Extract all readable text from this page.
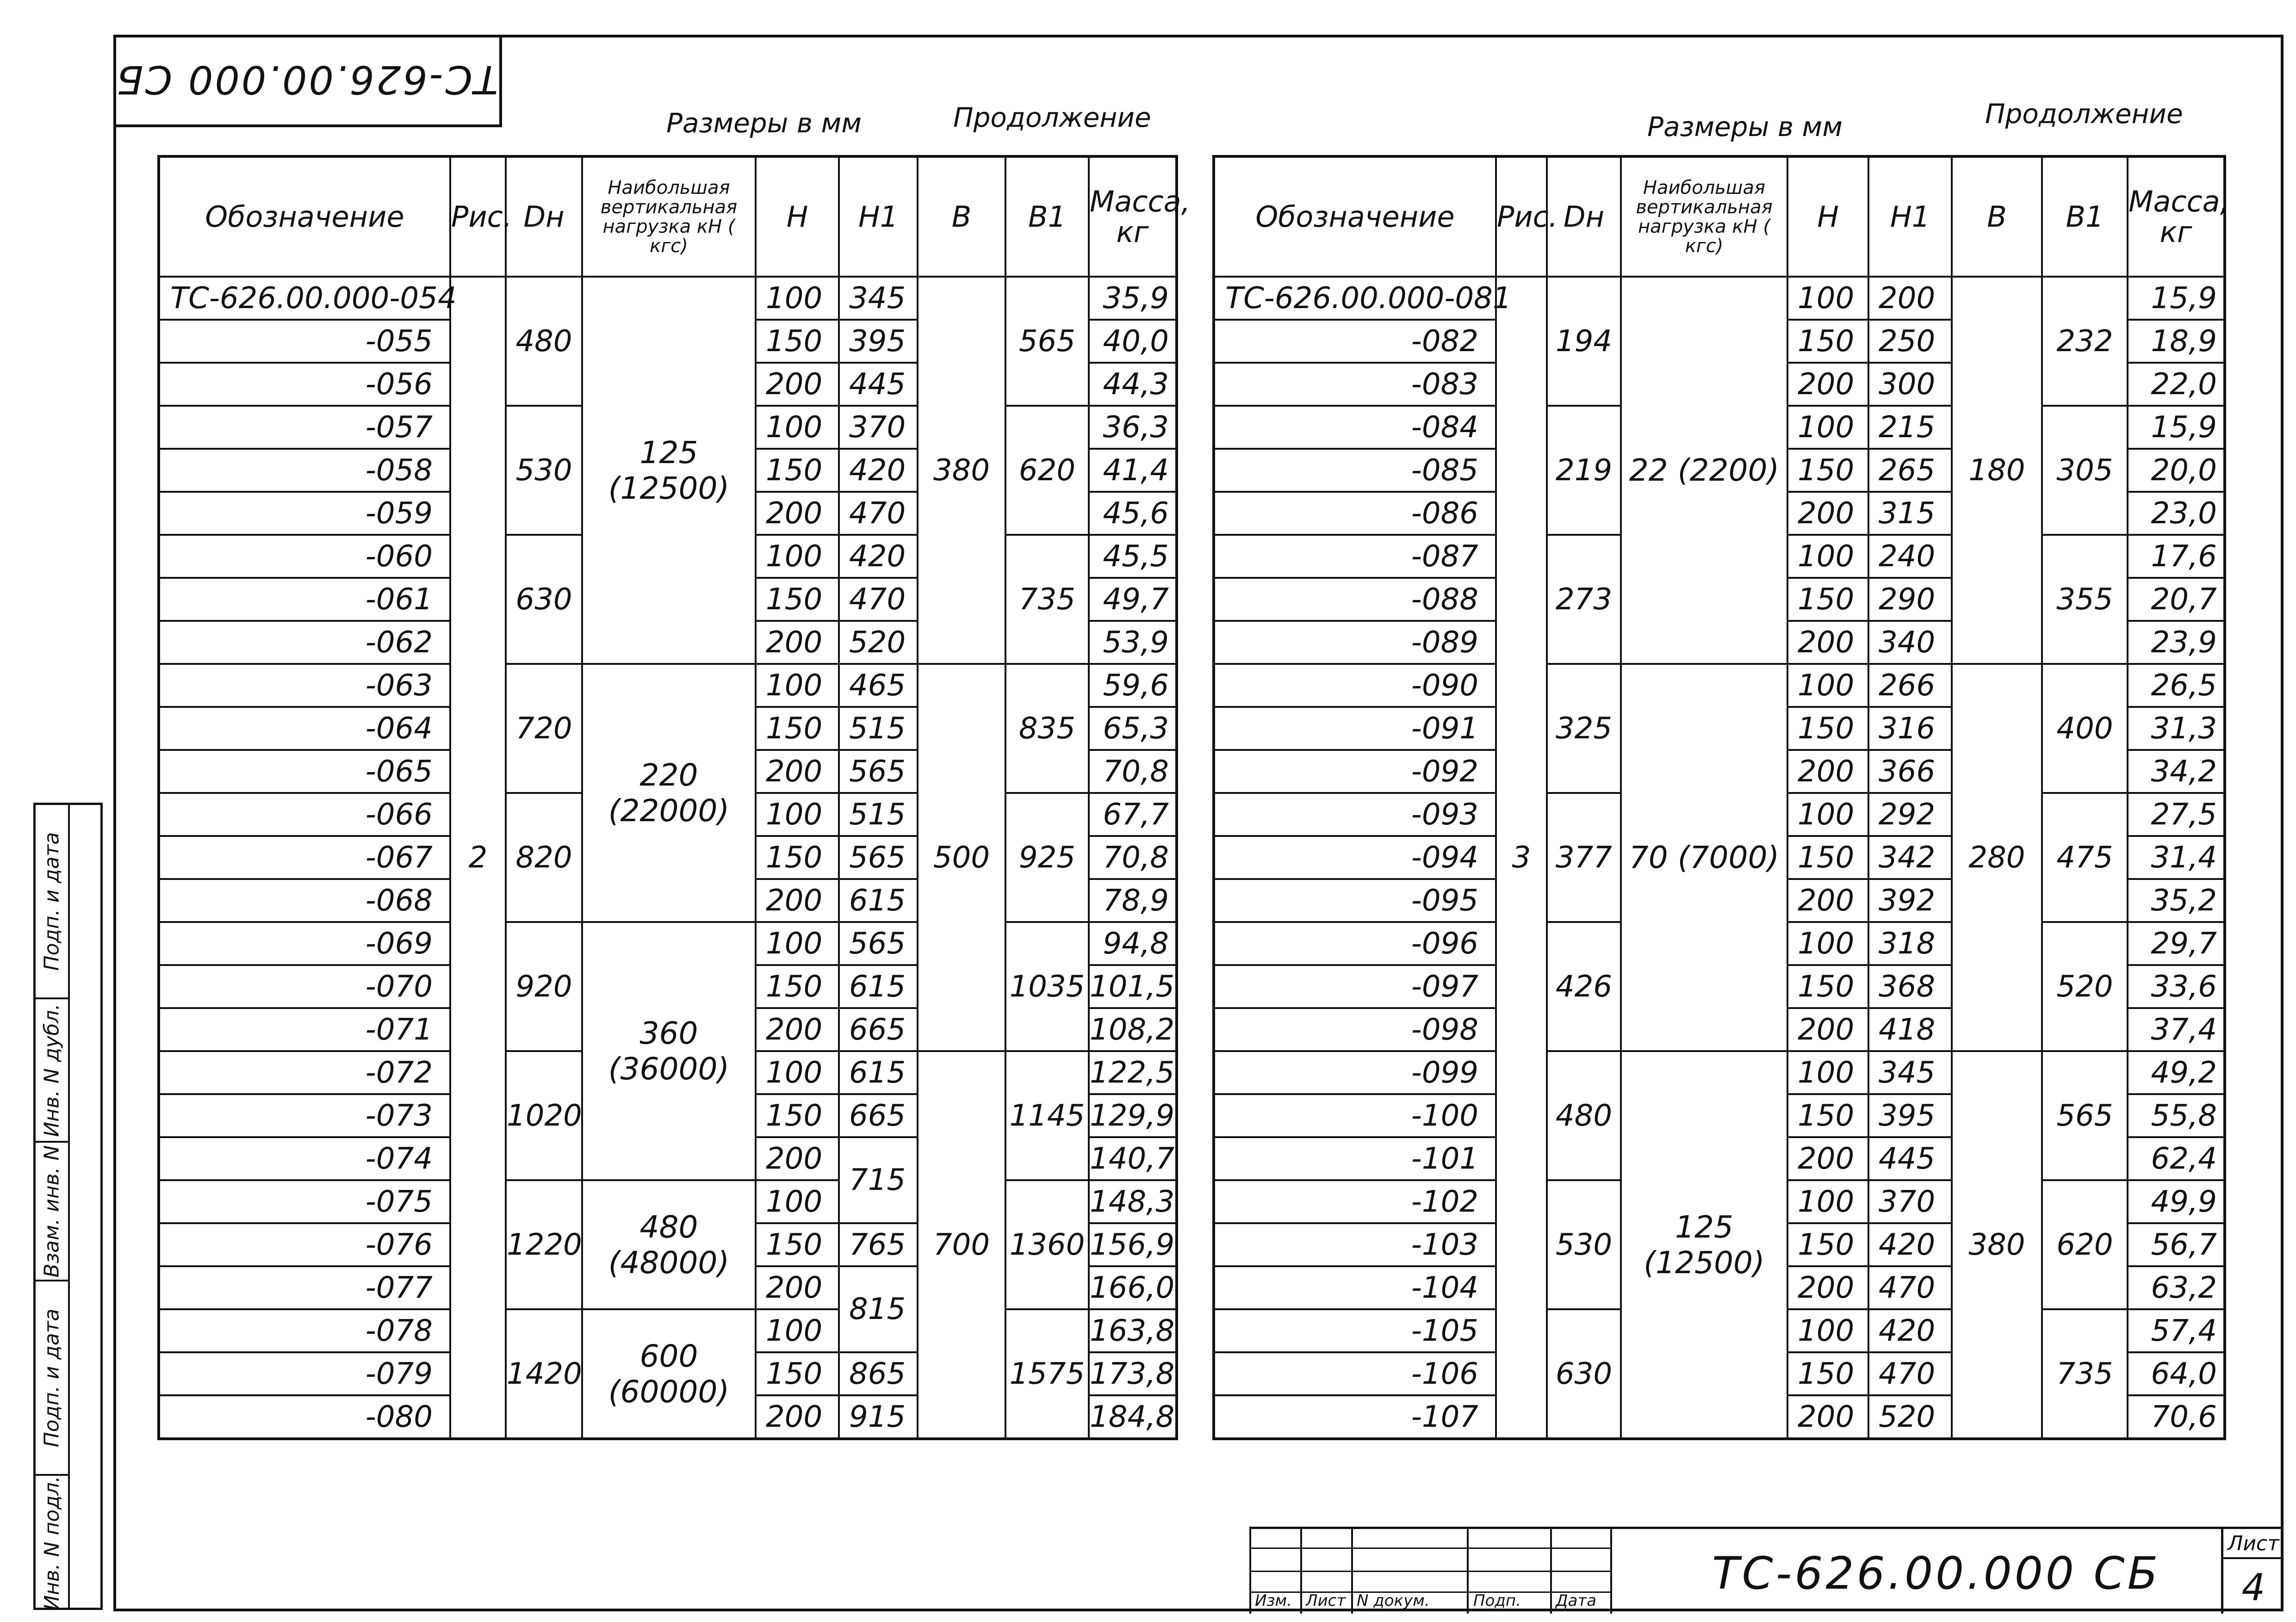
ТС-626.00.000 СБ
Размеры в мм	Продолжение	Размеры в мм	Продолжение
Обозначение	Рис.	Dн	Наибольшая вертикальная нагрузка кН ( кгс)	H	H1	B	B1	Масса, кг
ТС-626.00.000-054	2	480	125 (12500)	100	345	380	565	35,9
-055				150	395			40,0
-056				200	445			44,3
-057		530		100	370		620	36,3
-058				150	420			41,4
-059				200	470			45,6
-060		630		100	420		735	45,5
-061				150	470			49,7
-062				200	520			53,9
-063		720	220 (22000)	100	465	500	835	59,6
-064				150	515			65,3
-065				200	565			70,8
-066		820		100	515		925	67,7
-067				150	565			70,8
-068				200	615			78,9
-069		920	360 (36000)	100	565		1035	94,8
-070				150	615			101,5
-071				200	665			108,2
-072		1020		100	615	700	1145	122,5
-073				150	665			129,9
-074				200	715			140,7
-075		1220	480 (48000)	100			1360	148,3
-076				150	765			156,9
-077				200	815			166,0
-078		1420	600 (60000)	100			1575	163,8
-079				150	865			173,8
-080				200	915			184,8
Обозначение	Рис.	Dн	Наибольшая вертикальная нагрузка кН ( кгс)	H	H1	B	B1	Масса, кг
ТС-626.00.000-081	3	194	22 (2200)	100	200	180	232	15,9
-082				150	250			18,9
-083				200	300			22,0
-084		219		100	215		305	15,9
-085				150	265			20,0
-086				200	315			23,0
-087		273		100	240		355	17,6
-088				150	290			20,7
-089				200	340			23,9
-090		325	70 (7000)	100	266	280	400	26,5
-091				150	316			31,3
-092				200	366			34,2
-093		377		100	292		475	27,5
-094				150	342			31,4
-095				200	392			35,2
-096		426		100	318		520	29,7
-097				150	368			33,6
-098				200	418			37,4
-099		480	125 (12500)	100	345	380	565	49,2
-100				150	395			55,8
-101				200	445			62,4
-102		530		100	370		620	49,9
-103				150	420			56,7
-104				200	470			63,2
-105		630		100	420		735	57,4
-106				150	470			64,0
-107				200	520			70,6
Подп. и дата
Инв. N дубл.
Взам. инв. N
Подп. и дата
Инв. N подл.	Изм. Лист N докум.	Подп. Дата
ТС-626.00.000 СБ
Лист
4
